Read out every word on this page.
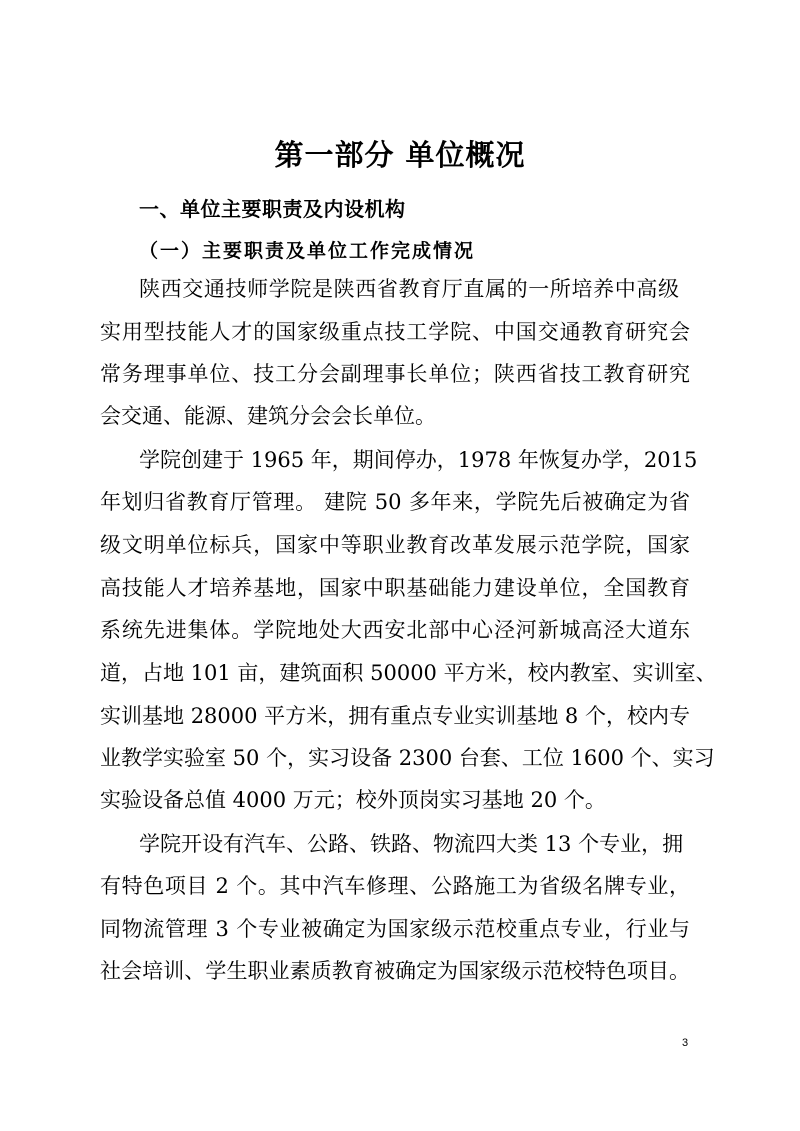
第一部分 单位概况
一、单位主要职责及内设机构
（一）主要职责及单位工作完成情况
陕西交通技师学院是陕西省教育厅直属的一所培养中高级
实用型技能人才的国家级重点技工学院、中国交通教育研究会
常务理事单位、技工分会副理事长单位；陕西省技工教育研究
会交通、能源、建筑分会会长单位。
学院创建于 1965 年，期间停办，1978 年恢复办学，2015
年划归省教育厅管理。 建院 50 多年来，学院先后被确定为省
级文明单位标兵，国家中等职业教育改革发展示范学院，国家
高技能人才培养基地，国家中职基础能力建设单位，全国教育
系统先进集体。学院地处大西安北部中心泾河新城高泾大道东
道，占地 101 亩，建筑面积 50000 平方米，校内教室、实训室、
实训基地 28000 平方米，拥有重点专业实训基地 8 个，校内专
业教学实验室 50 个，实习设备 2300 台套、工位 1600 个、实习
实验设备总值 4000 万元；校外顶岗实习基地 20 个。
学院开设有汽车、公路、铁路、物流四大类 13 个专业，拥
有特色项目 2 个。其中汽车修理、公路施工为省级名牌专业，
同物流管理 3 个专业被确定为国家级示范校重点专业，行业与
社会培训、学生职业素质教育被确定为国家级示范校特色项目。
3
